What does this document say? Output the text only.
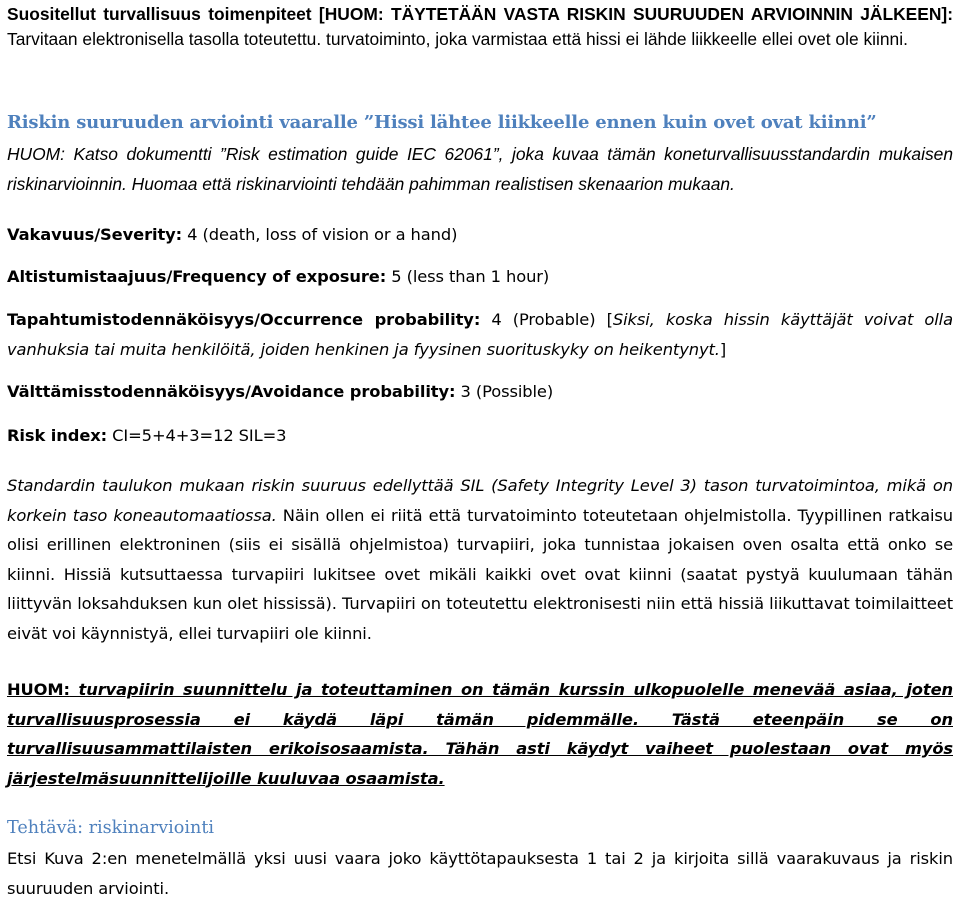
Suositellut turvallisuus toimenpiteet [HUOM: TÄYTETÄÄN VASTA RISKIN SUURUUDEN ARVIOINNIN JÄLKEEN]: Tarvitaan elektronisella tasolla toteutettu. turvatoiminto, joka varmistaa että hissi ei lähde liikkeelle ellei ovet ole kiinni.

Riskin suuruuden arviointi vaaralle ”Hissi lähtee liikkeelle ennen kuin ovet ovat kiinni”

HUOM: Katso dokumentti ”Risk estimation guide IEC 62061”, joka kuvaa tämän koneturvallisuusstandardin mukaisen riskinarvioinnin. Huomaa että riskinarviointi tehdään pahimman realistisen skenaarion mukaan.

Vakavuus/Severity: 4 (death, loss of vision or a hand)

Altistumistaajuus/Frequency of exposure: 5 (less than 1 hour)

Tapahtumistodennäköisyys/Occurrence probability: 4 (Probable) [Siksi, koska hissin käyttäjät voivat olla vanhuksia tai muita henkilöitä, joiden henkinen ja fyysinen suorituskyky on heikentynyt.]

Välttämisstodennäköisyys/Avoidance probability: 3 (Possible)

Risk index: CI=5+4+3=12 SIL=3

Standardin taulukon mukaan riskin suuruus edellyttää SIL (Safety Integrity Level 3) tason turvatoimintoa, mikä on korkein taso koneautomaatiossa. Näin ollen ei riitä että turvatoiminto toteutetaan ohjelmistolla. Tyypillinen ratkaisu olisi erillinen elektroninen (siis ei sisällä ohjelmistoa) turvapiiri, joka tunnistaa jokaisen oven osalta että onko se kiinni. Hissiä kutsuttaessa turvapiiri lukitsee ovet mikäli kaikki ovet ovat kiinni (saatat pystyä kuulumaan tähän liittyvän loksahduksen kun olet hississä). Turvapiiri on toteutettu elektronisesti niin että hissiä liikuttavat toimilaitteet eivät voi käynnistyä, ellei turvapiiri ole kiinni.

HUOM: turvapiirin suunnittelu ja toteuttaminen on tämän kurssin ulkopuolelle menevää asiaa, joten turvallisuusprosessia ei käydä läpi tämän pidemmälle. Tästä eteenpäin se on turvallisuusammattilaisten erikoisosaamista. Tähän asti käydyt vaiheet puolestaan ovat myös järjestelmäsuunnittelijoille kuuluvaa osaamista.

Tehtävä: riskinarviointi

Etsi Kuva 2:en menetelmällä yksi uusi vaara joko käyttötapauksesta 1 tai 2 ja kirjoita sillä vaarakuvaus ja riskin suuruuden arviointi.
